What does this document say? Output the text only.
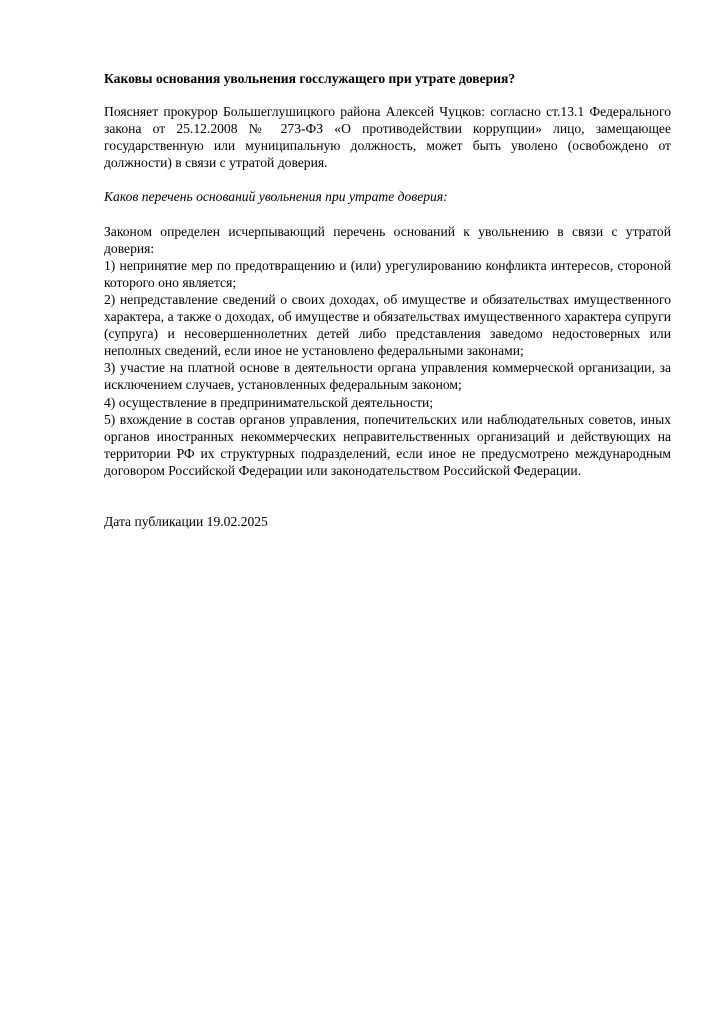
Каковы основания увольнения госслужащего при утрате доверия?

Поясняет прокурор Большеглушицкого района Алексей Чуцков: согласно ст.13.1 Федерального закона от 25.12.2008 № 273-ФЗ «О противодействии коррупции» лицо, замещающее государственную или муниципальную должность, может быть уволено (освобождено от должности) в связи с утратой доверия.

Каков перечень оснований увольнения при утрате доверия:

Законом определен исчерпывающий перечень оснований к увольнению в связи с утратой доверия:

1) непринятие мер по предотвращению и (или) урегулированию конфликта интересов, стороной которого оно является;

2) непредставление сведений о своих доходах, об имуществе и обязательствах имущественного характера, а также о доходах, об имуществе и обязательствах имущественного характера супруги (супруга) и несовершеннолетних детей либо представления заведомо недостоверных или неполных сведений, если иное не установлено федеральными законами;

3) участие на платной основе в деятельности органа управления коммерческой организации, за исключением случаев, установленных федеральным законом;

4) осуществление в предпринимательской деятельности;

5) вхождение в состав органов управления, попечительских или наблюдательных советов, иных органов иностранных некоммерческих неправительственных организаций и действующих на территории РФ их структурных подразделений, если иное не предусмотрено международным договором Российской Федерации или законодательством Российской Федерации.

Дата публикации 19.02.2025
